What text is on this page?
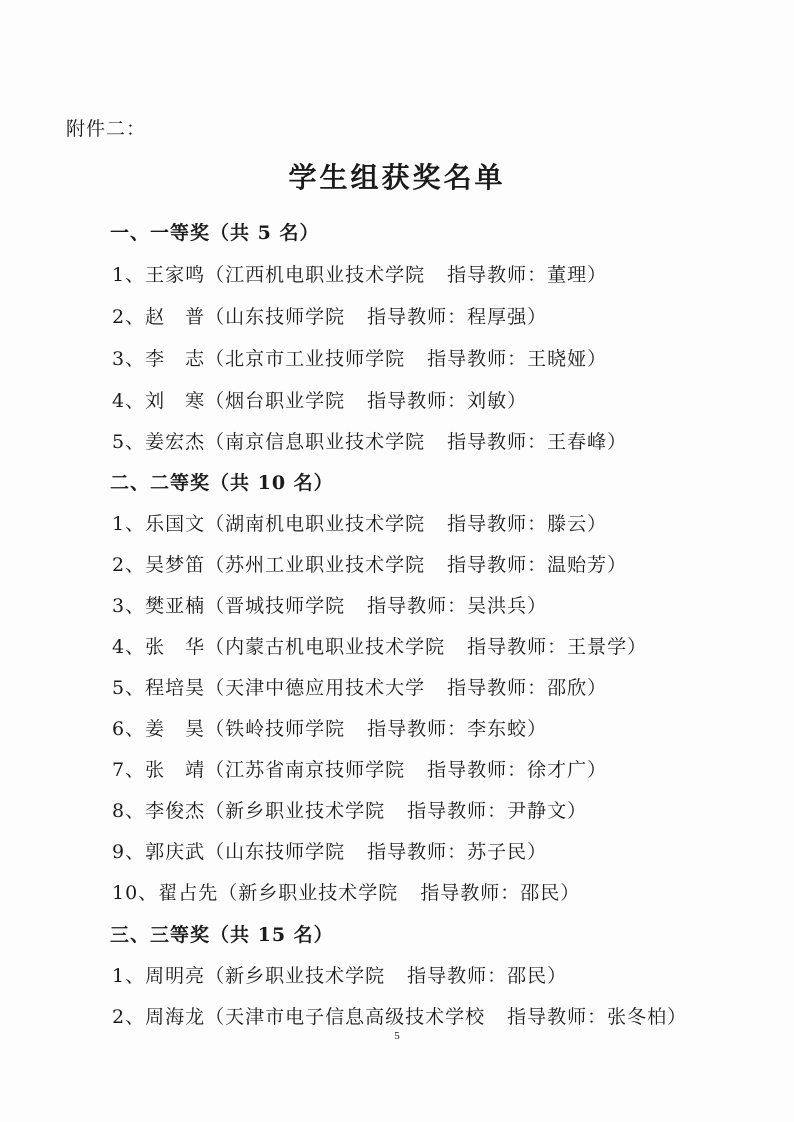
附件二：
学生组获奖名单
一、一等奖（共 5 名）
1、王家鸣（江西机电职业技术学院 指导教师：董理）
2、赵　普（山东技师学院 指导教师：程厚强）
3、李　志（北京市工业技师学院 指导教师：王晓娅）
4、刘　寒（烟台职业学院 指导教师：刘敏）
5、姜宏杰（南京信息职业技术学院 指导教师：王春峰）
二、二等奖（共 10 名）
1、乐国文（湖南机电职业技术学院 指导教师：滕云）
2、吴梦笛（苏州工业职业技术学院 指导教师：温贻芳）
3、樊亚楠（晋城技师学院 指导教师：吴洪兵）
4、张　华（内蒙古机电职业技术学院 指导教师：王景学）
5、程培昊（天津中德应用技术大学 指导教师：邵欣）
6、姜　昊（铁岭技师学院 指导教师：李东蛟）
7、张　靖（江苏省南京技师学院 指导教师：徐才广）
8、李俊杰（新乡职业技术学院 指导教师：尹静文）
9、郭庆武（山东技师学院 指导教师：苏子民）
10、翟占先（新乡职业技术学院 指导教师：邵民）
三、三等奖（共 15 名）
1、周明亮（新乡职业技术学院 指导教师：邵民）
2、周海龙（天津市电子信息高级技术学校 指导教师：张冬柏）
5
